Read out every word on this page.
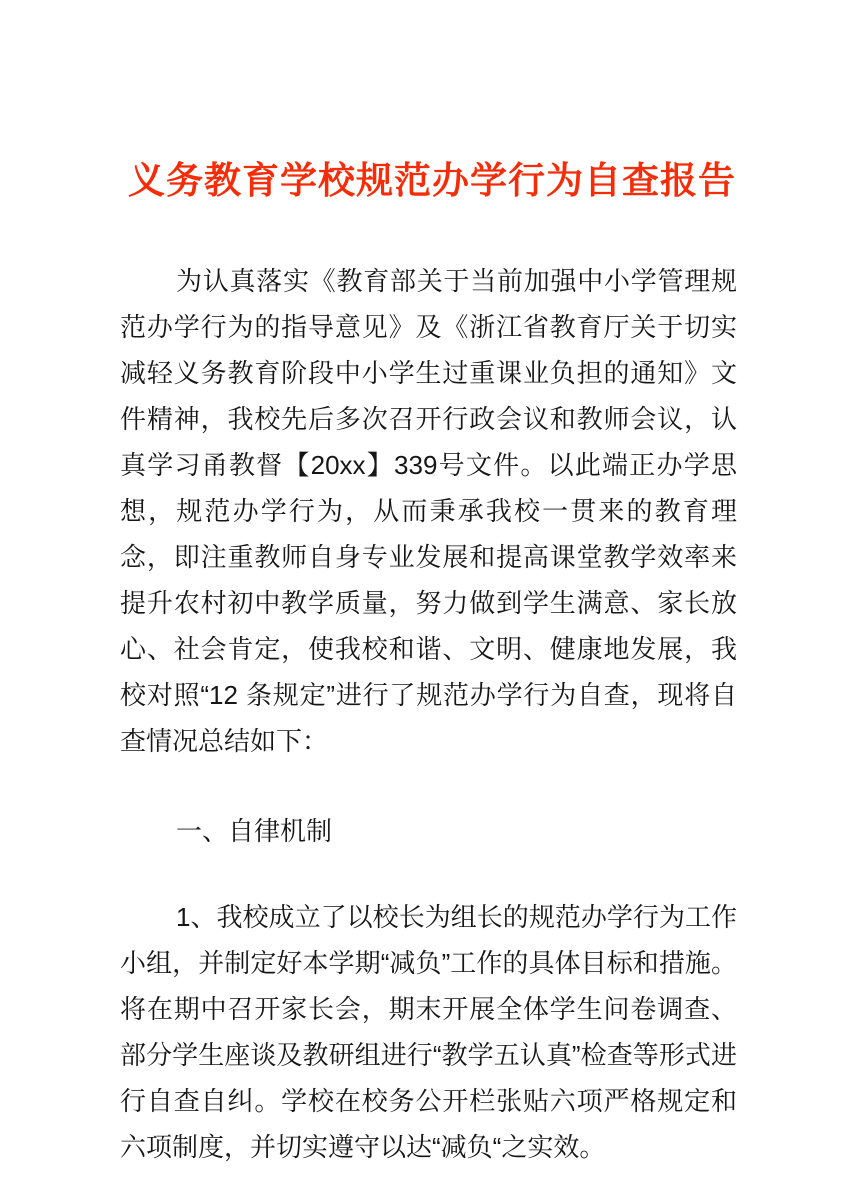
义务教育学校规范办学行为自查报告

为认真落实《教育部关于当前加强中小学管理规范办学行为的指导意见》及《浙江省教育厅关于切实减轻义务教育阶段中小学生过重课业负担的通知》文件精神，我校先后多次召开行政会议和教师会议，认真学习甬教督【20xx】339号文件。以此端正办学思想，规范办学行为，从而秉承我校一贯来的教育理念，即注重教师自身专业发展和提高课堂教学效率来提升农村初中教学质量，努力做到学生满意、家长放心、社会肯定，使我校和谐、文明、健康地发展，我校对照“12 条规定”进行了规范办学行为自查，现将自查情况总结如下：

一、自律机制

1、我校成立了以校长为组长的规范办学行为工作小组，并制定好本学期“减负”工作的具体目标和措施。将在期中召开家长会，期末开展全体学生问卷调查、部分学生座谈及教研组进行“教学五认真”检查等形式进行自查自纠。学校在校务公开栏张贴六项严格规定和六项制度，并切实遵守以达“减负“之实效。
